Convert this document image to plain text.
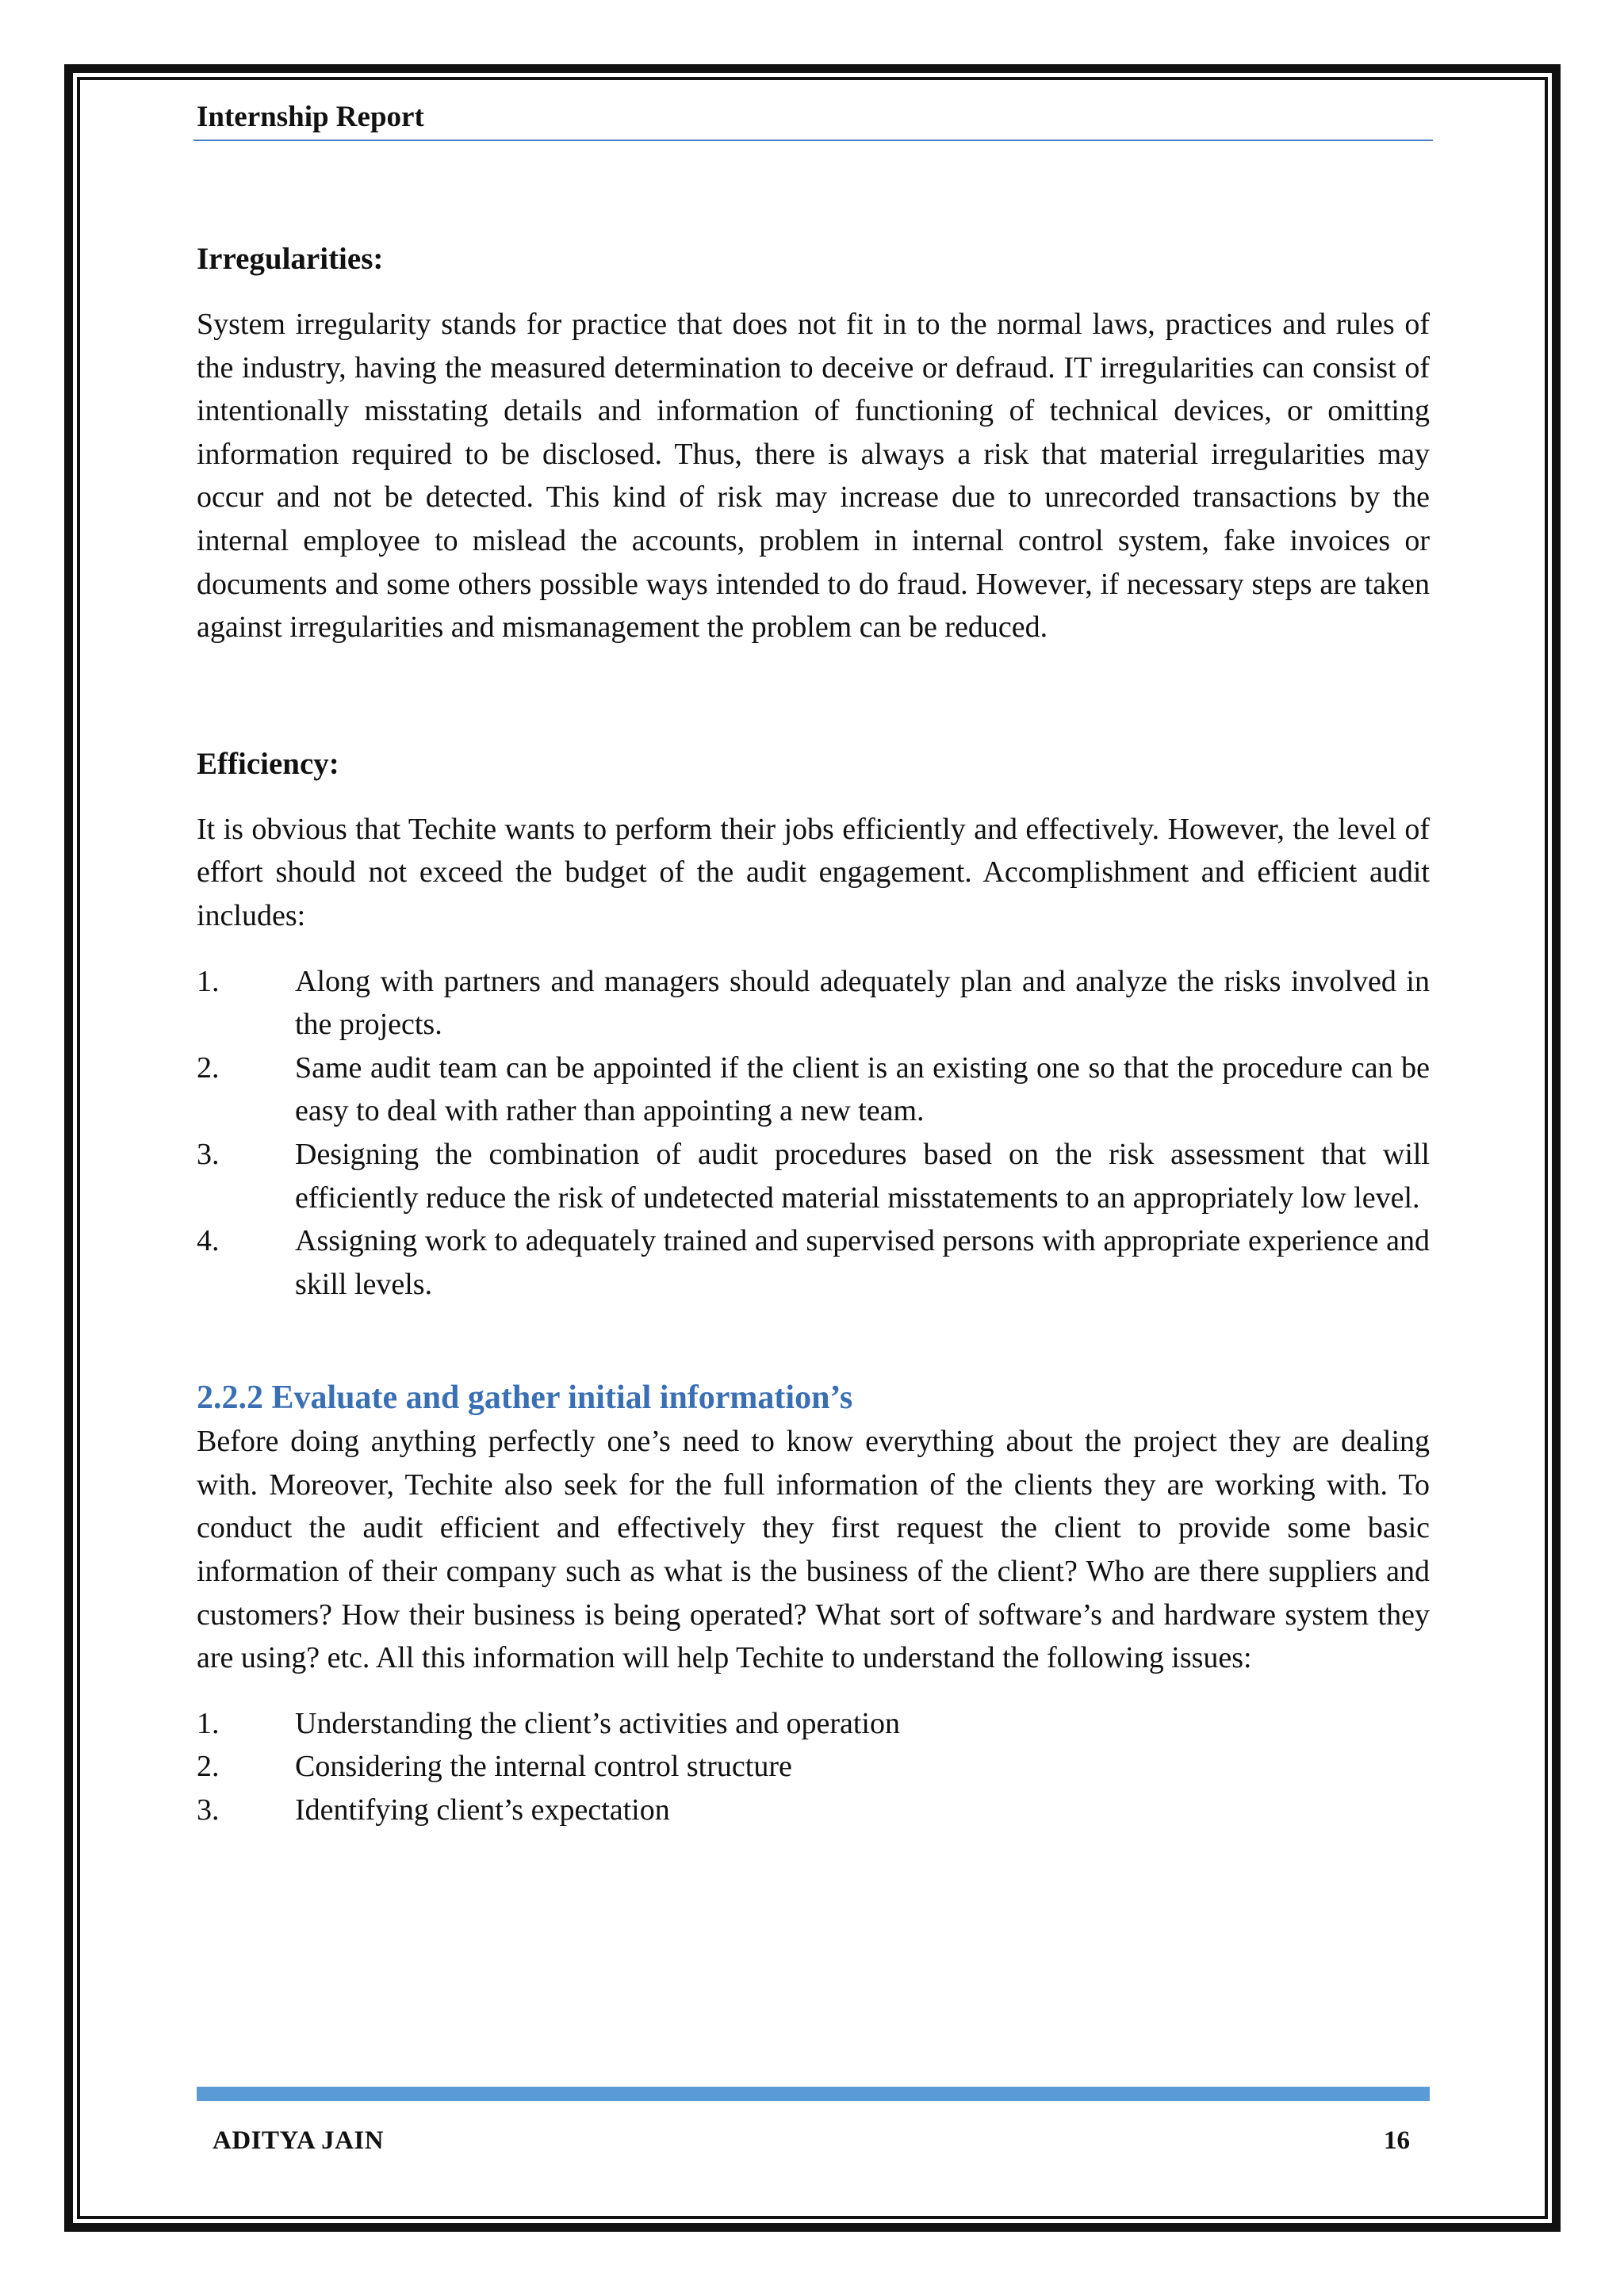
Internship Report
Irregularities:

System irregularity stands for practice that does not fit in to the normal laws, practices and rules of the industry, having the measured determination to deceive or defraud. IT irregularities can consist of intentionally misstating details and information of functioning of technical devices, or omitting information required to be disclosed. Thus, there is always a risk that material irregularities may occur and not be detected. This kind of risk may increase due to unrecorded transactions by the internal employee to mislead the accounts, problem in internal control system, fake invoices or documents and some others possible ways intended to do fraud. However, if necessary steps are taken against irregularities and mismanagement the problem can be reduced.

Efficiency:

It is obvious that Techite wants to perform their jobs efficiently and effectively. However, the level of effort should not exceed the budget of the audit engagement. Accomplishment and efficient audit includes:

1.	Along with partners and managers should adequately plan and analyze the risks involved in the projects.
2.	Same audit team can be appointed if the client is an existing one so that the procedure can be easy to deal with rather than appointing a new team.
3.	Designing the combination of audit procedures based on the risk assessment that will efficiently reduce the risk of undetected material misstatements to an appropriately low level.
4.	Assigning work to adequately trained and supervised persons with appropriate experience and skill levels.
2.2.2 Evaluate and gather initial information’s

Before doing anything perfectly one’s need to know everything about the project they are dealing with. Moreover, Techite also seek for the full information of the clients they are working with. To conduct the audit efficient and effectively they first request the client to provide some basic information of their company such as what is the business of the client? Who are there suppliers and customers? How their business is being operated? What sort of software’s and hardware system they are using? etc. All this information will help Techite to understand the following issues:

1.	Understanding the client’s activities and operation
2.	Considering the internal control structure
3.	Identifying client’s expectation
ADITYA JAIN	16
